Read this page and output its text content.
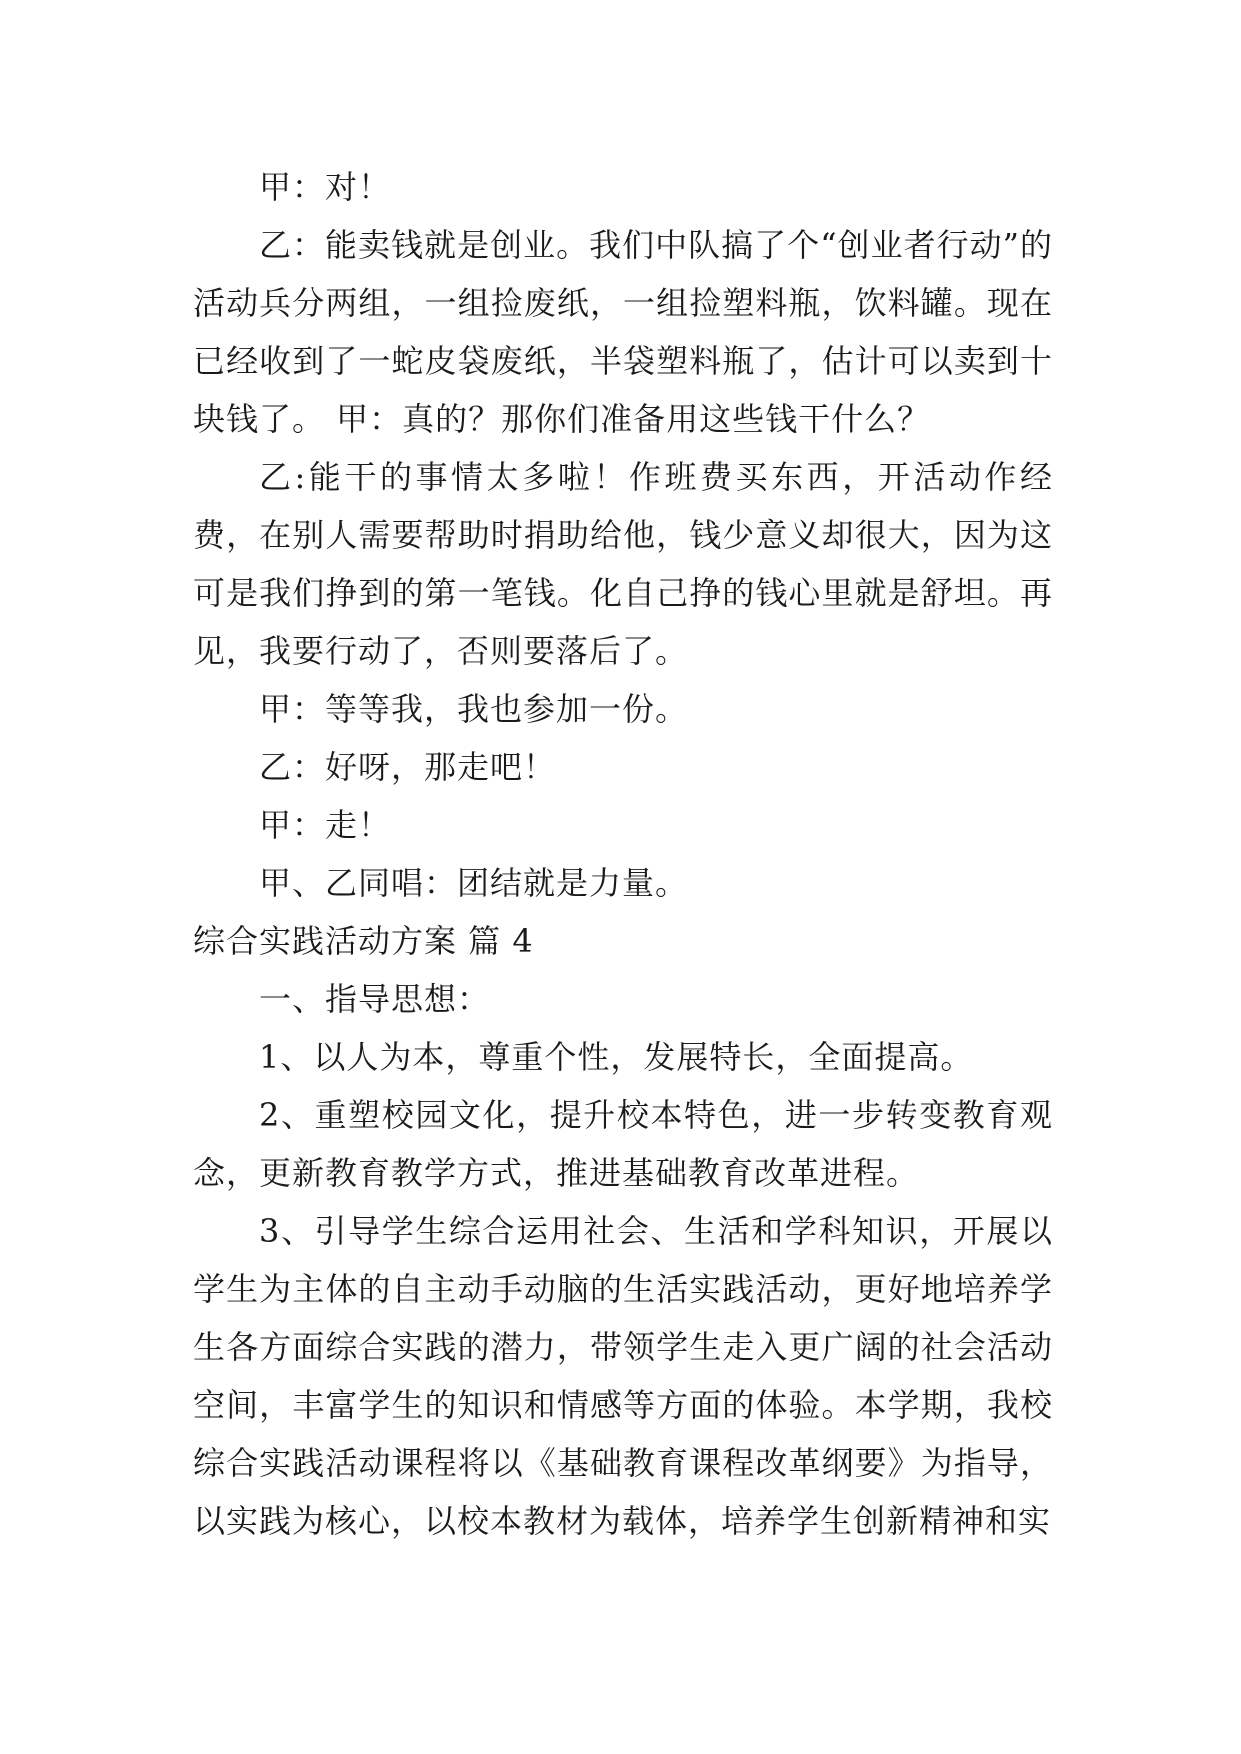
甲：对！

乙：能卖钱就是创业。我们中队搞了个“创业者行动”的活动兵分两组，一组捡废纸，一组捡塑料瓶，饮料罐。现在已经收到了一蛇皮袋废纸，半袋塑料瓶了，估计可以卖到十块钱了。 甲：真的？那你们准备用这些钱干什么？

乙:能干的事情太多啦！作班费买东西，开活动作经费，在别人需要帮助时捐助给他，钱少意义却很大，因为这可是我们挣到的第一笔钱。化自己挣的钱心里就是舒坦。再见，我要行动了，否则要落后了。

甲：等等我，我也参加一份。

乙：好呀，那走吧！

甲：走！

甲、乙同唱：团结就是力量。

综合实践活动方案 篇 4

一、指导思想：

1、以人为本，尊重个性，发展特长，全面提高。

2、重塑校园文化，提升校本特色，进一步转变教育观念，更新教育教学方式，推进基础教育改革进程。

3、引导学生综合运用社会、生活和学科知识，开展以学生为主体的自主动手动脑的生活实践活动，更好地培养学生各方面综合实践的潜力，带领学生走入更广阔的社会活动空间，丰富学生的知识和情感等方面的体验。本学期，我校综合实践活动课程将以《基础教育课程改革纲要》为指导，以实践为核心，以校本教材为载体，培养学生创新精神和实
